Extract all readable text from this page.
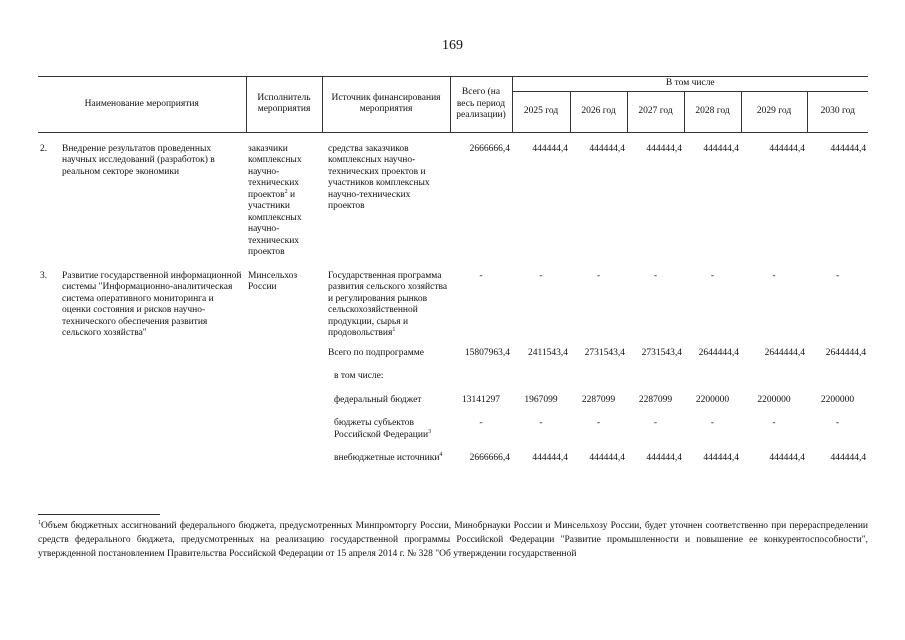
169
Наименование мероприятия		Исполнитель мероприятия	Источник финансирования мероприятия	Всего (на весь период реализации)	В том числе					
					2025 год	2026 год	2027 год	2028 год	2029 год	2030 год

2.	Внедрение результатов проведенных научных исследований (разработок) в реальном секторе экономики	заказчики комплексных научно-технических проектов$^2$ и участники комплексных научно-технических проектов	средства заказчиков комплексных научно-технических проектов и участников комплексных научно-технических проектов	2666666,4	444444,4	444444,4	444444,4	444444,4	444444,4	444444,4

3.	Развитие государственной информационной системы "Информационно-аналитическая система оперативного мониторинга и оценки состояния и рисков научно-технического обеспечения развития сельского хозяйства"	Минсельхоз России	Государственная программа развития сельского хозяйства и регулирования рынков сельскохозяйственной продукции, сырья и продовольствия$^1$	-	-	-	-	-	-	-

			Всего по подпрограмме	15807963,4	2411543,4	2731543,4	2731543,4	2644444,4	2644444,4	2644444,4

			в том числе:							

			федеральный бюджет	13141297	1967099	2287099	2287099	2200000	2200000	2200000

			бюджеты субъектов Российской Федерации$^3$	-	-	-	-	-	-	-

			внебюджетные источники$^4$	2666666,4	444444,4	444444,4	444444,4	444444,4	444444,4	444444,4
$^1$Объем бюджетных ассигнований федерального бюджета, предусмотренных Минпромторгу России, Минобрнауки России и Минсельхозу России, будет уточнен соответственно при перераспределении средств федерального бюджета, предусмотренных на реализацию государственной программы Российской Федерации "Развитие промышленности и повышение ее конкурентоспособности", утвержденной постановлением Правительства Российской Федерации от 15 апреля 2014 г. № 328 "Об утверждении государственной
